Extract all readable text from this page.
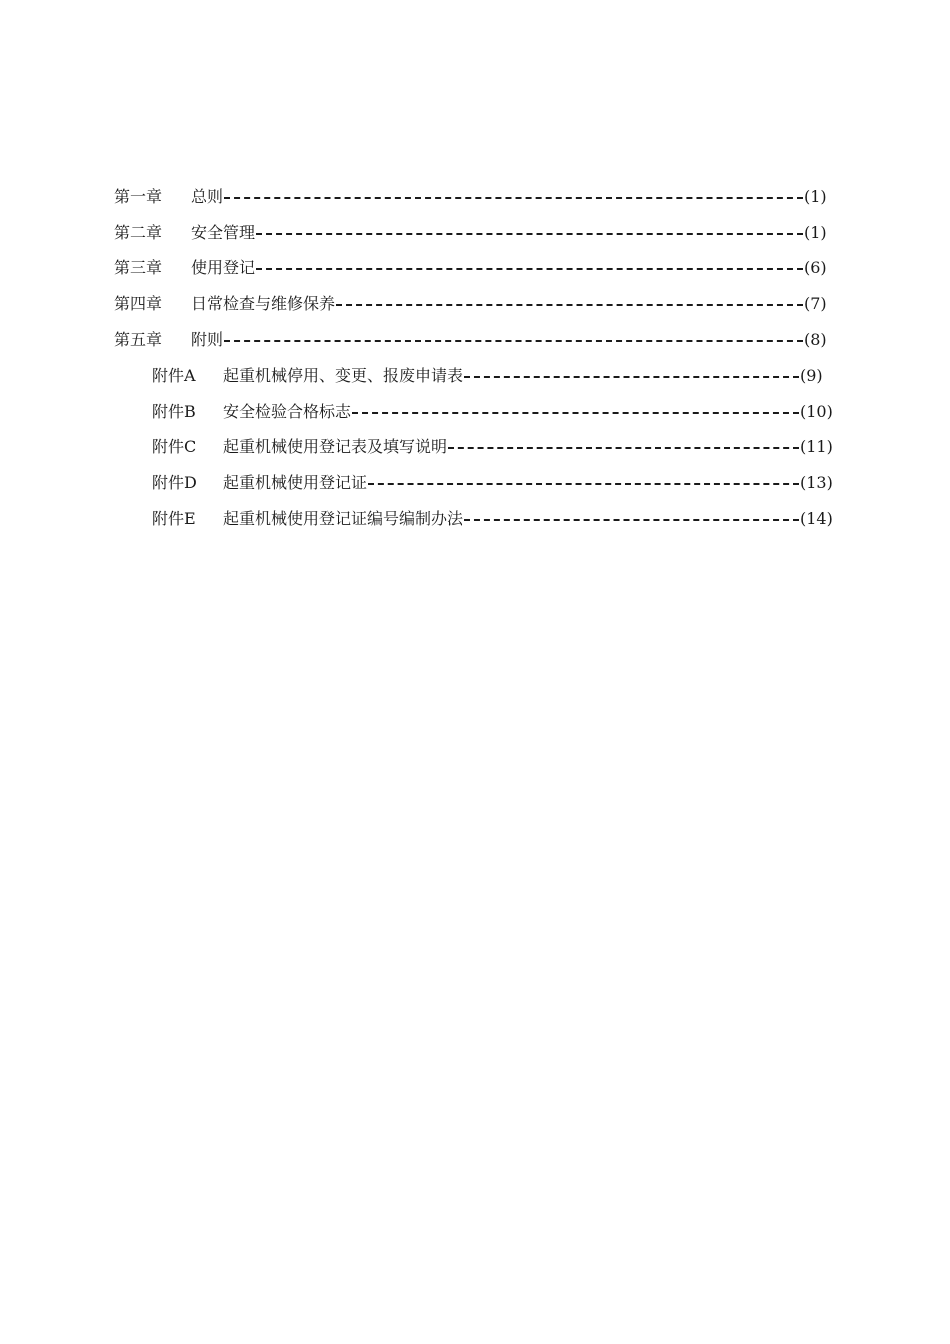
第一章	总则	(1)
第二章	安全管理	(1)
第三章	使用登记	(6)
第四章	日常检查与维修保养	(7)
第五章	附则	(8)
附件A	起重机械停用、变更、报废申请表	(9)
附件B	安全检验合格标志	(10)
附件C	起重机械使用登记表及填写说明	(11)
附件D	起重机械使用登记证	(13)
附件E	起重机械使用登记证编号编制办法	(14)
